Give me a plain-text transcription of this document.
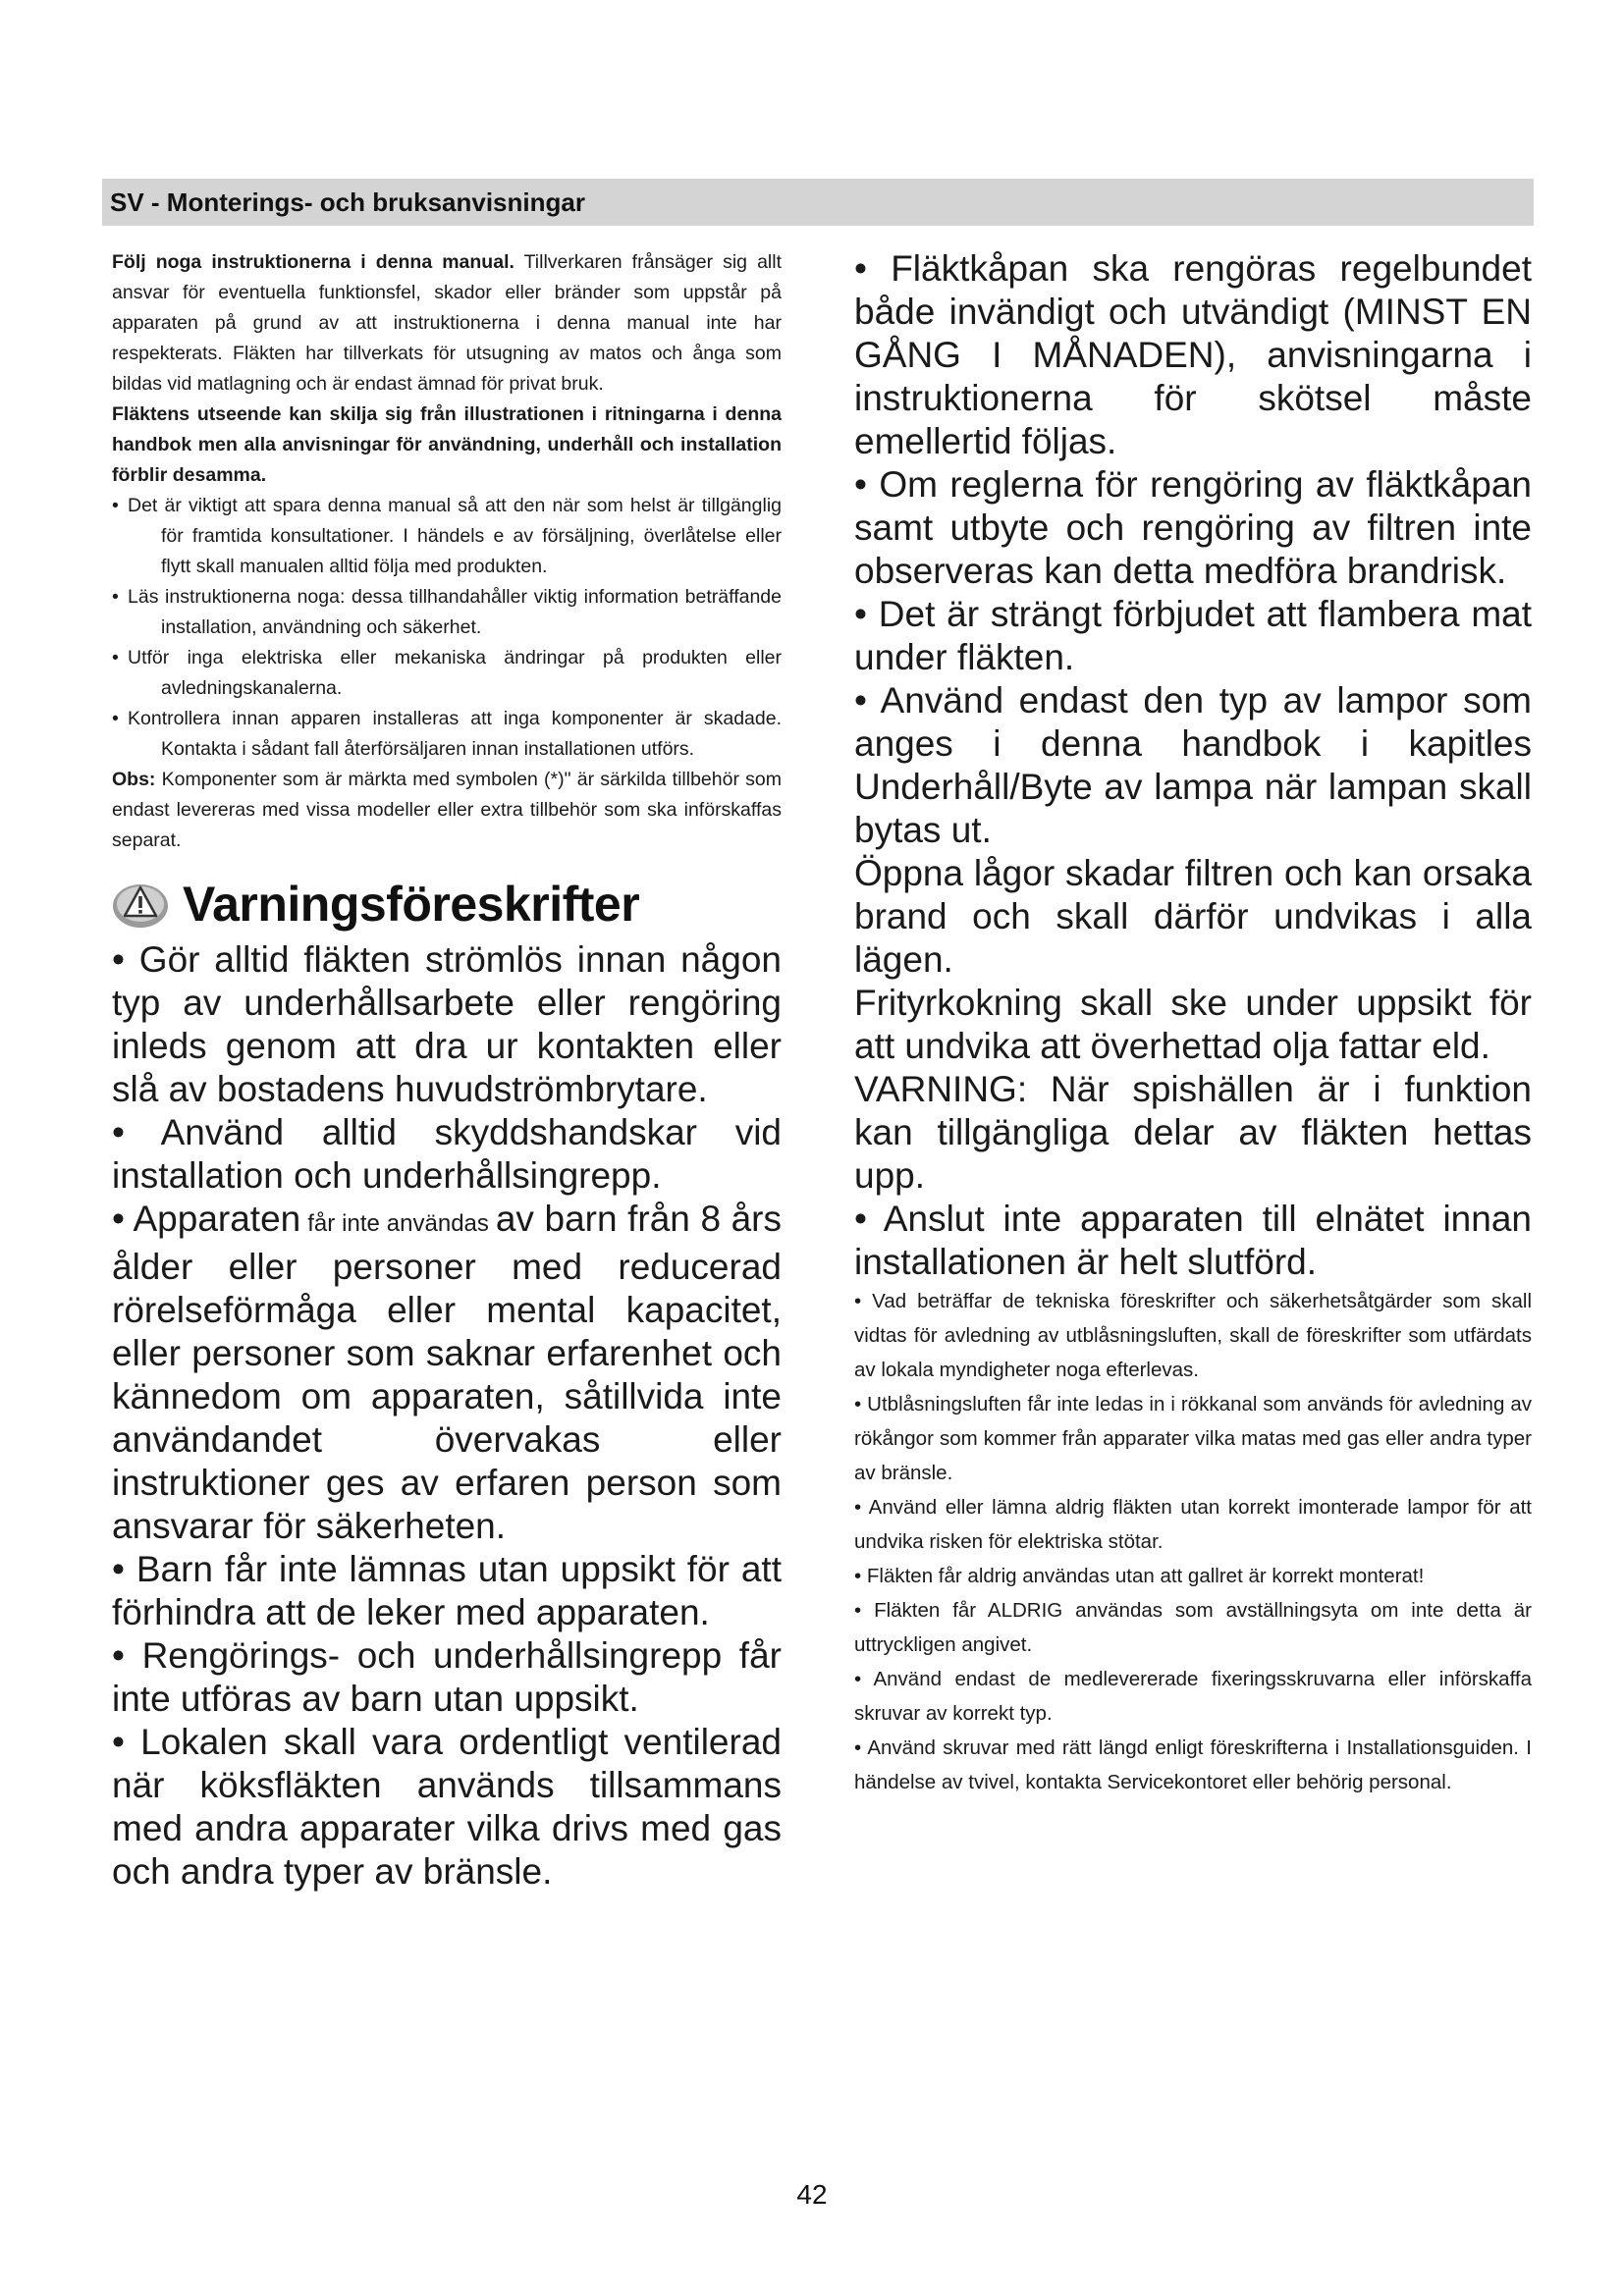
SV - Monterings- och bruksanvisningar

Följ noga instruktionerna i denna manual. Tillverkaren frånsäger sig allt ansvar för eventuella funktionsfel, skador eller bränder som uppstår på apparaten på grund av att instruktionerna i denna manual inte har respekterats. Fläkten har tillverkats för utsugning av matos och ånga som bildas vid matlagning och är endast ämnad för privat bruk.

Fläktens utseende kan skilja sig från illustrationen i ritningarna i denna handbok men alla anvisningar för användning, underhåll och installation förblir desamma.

• Det är viktigt att spara denna manual så att den när som helst är tillgänglig för framtida konsultationer. I händels e av försäljning, överlåtelse eller flytt skall manualen alltid följa med produkten.

• Läs instruktionerna noga: dessa tillhandahåller viktig information beträffande installation, användning och säkerhet.

• Utför inga elektriska eller mekaniska ändringar på produkten eller avledningskanalerna.

• Kontrollera innan apparen installeras att inga komponenter är skadade. Kontakta i sådant fall återförsäljaren innan installationen utförs.

Obs: Komponenter som är märkta med symbolen (*)" är särkilda tillbehör som endast levereras med vissa modeller eller extra tillbehör som ska införskaffas separat.

Varningsföreskrifter

• Gör alltid fläkten strömlös innan någon typ av underhållsarbete eller rengöring inleds genom att dra ur kontakten eller slå av bostadens huvudströmbrytare.

• Använd alltid skyddshandskar vid installation och underhållsingrepp.

• Apparaten får inte användas av barn från 8 års ålder eller personer med reducerad rörelseförmåga eller mental kapacitet, eller personer som saknar erfarenhet och kännedom om apparaten, såtillvida inte användandet övervakas eller instruktioner ges av erfaren person som ansvarar för säkerheten.

• Barn får inte lämnas utan uppsikt för att förhindra att de leker med apparaten.

• Rengörings- och underhållsingrepp får inte utföras av barn utan uppsikt.

• Lokalen skall vara ordentligt ventilerad när köksfläkten används tillsammans med andra apparater vilka drivs med gas och andra typer av bränsle.

• Fläktkåpan ska rengöras regelbundet både invändigt och utvändigt (MINST EN GÅNG I MÅNADEN), anvisningarna i instruktionerna för skötsel måste emellertid följas.

• Om reglerna för rengöring av fläktkåpan samt utbyte och rengöring av filtren inte observeras kan detta medföra brandrisk.

• Det är strängt förbjudet att flambera mat under fläkten.

• Använd endast den typ av lampor som anges i denna handbok i kapitles Underhåll/Byte av lampa när lampan skall bytas ut.

Öppna lågor skadar filtren och kan orsaka brand och skall därför undvikas i alla lägen.

Frityrkokning skall ske under uppsikt för att undvika att överhettad olja fattar eld.

VARNING: När spishällen är i funktion kan tillgängliga delar av fläkten hettas upp.

• Anslut inte apparaten till elnätet innan installationen är helt slutförd.

• Vad beträffar de tekniska föreskrifter och säkerhetsåtgärder som skall vidtas för avledning av utblåsningsluften, skall de föreskrifter som utfärdats av lokala myndigheter noga efterlevas.

• Utblåsningsluften får inte ledas in i rökkanal som används för avledning av rökångor som kommer från apparater vilka matas med gas eller andra typer av bränsle.

• Använd eller lämna aldrig fläkten utan korrekt imonterade lampor för att undvika risken för elektriska stötar.

• Fläkten får aldrig användas utan att gallret är korrekt monterat!

• Fläkten får ALDRIG användas som avställningsyta om inte detta är uttryckligen angivet.

• Använd endast de medlevererade fixeringsskruvarna eller införskaffa skruvar av korrekt typ.

• Använd skruvar med rätt längd enligt föreskrifterna i Installationsguiden. I händelse av tvivel, kontakta Servicekontoret eller behörig personal.

42
